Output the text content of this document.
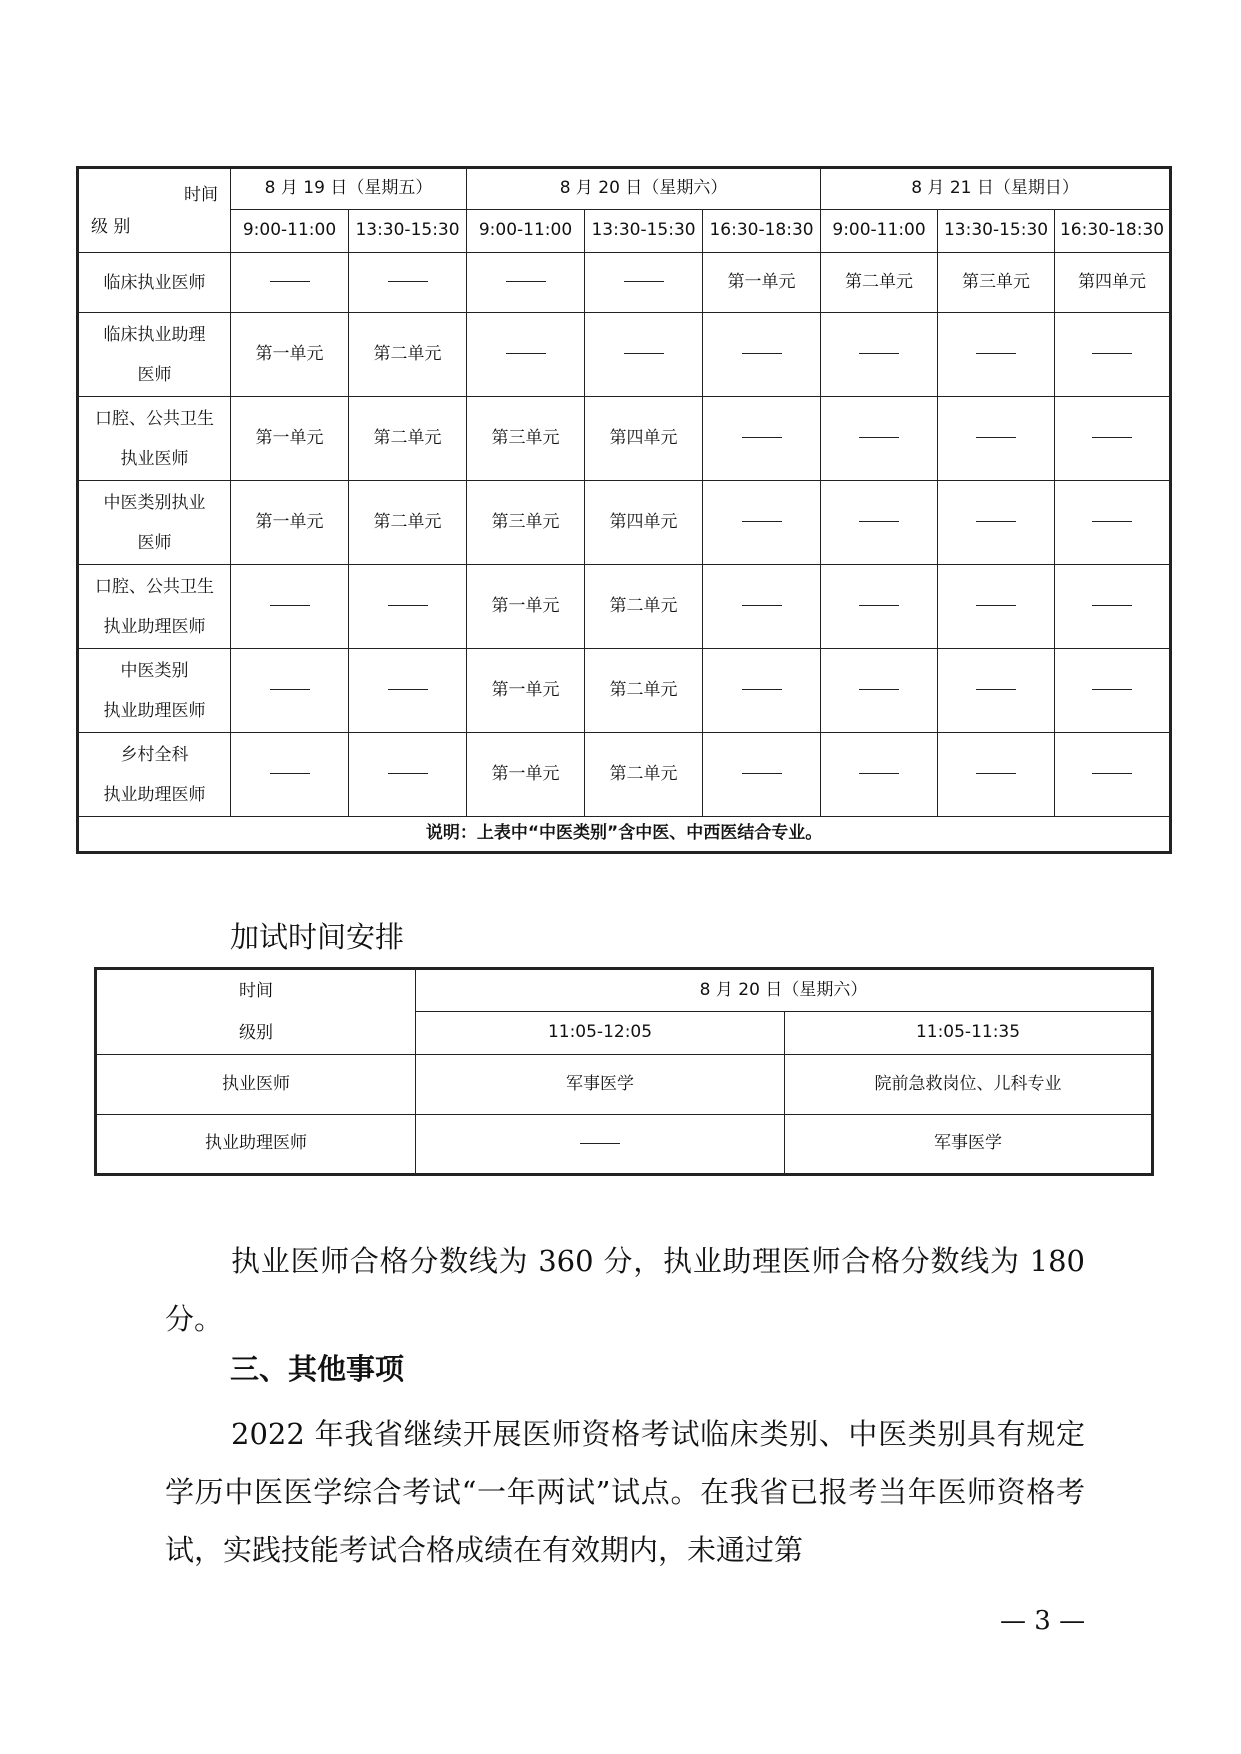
时间
级 别	8 月 19 日（星期五）		8 月 20 日（星期六）			8 月 21 日（星期日）		
	9:00-11:00	13:30-15:30	9:00-11:00	13:30-15:30	16:30-18:30	9:00-11:00	13:30-15:30	16:30-18:30

临床执业医师					第一单元	第二单元	第三单元	第四单元

临床执业助理
医师	第一单元	第二单元						

口腔、公共卫生
执业医师	第一单元	第二单元	第三单元	第四单元				

中医类别执业
医师	第一单元	第二单元	第三单元	第四单元				

口腔、公共卫生
执业助理医师			第一单元	第二单元				

中医类别
执业助理医师			第一单元	第二单元				

乡村全科
执业助理医师			第一单元	第二单元				
说明：上表中“中医类别”含中医、中西医结合专业。								
加试时间安排
时间
级别	8 月 20 日（星期六）	
	11:05-12:05	11:05-11:35
执业医师	军事医学	院前急救岗位、儿科专业
执业助理医师		军事医学
执业医师合格分数线为 360 分，执业助理医师合格分数线为 180 分。
三、其他事项
2022 年我省继续开展医师资格考试临床类别、中医类别具有规定学历中医医学综合考试“一年两试”试点。在我省已报考当年医师资格考试，实践技能考试合格成绩在有效期内，未通过第
— 3 —
